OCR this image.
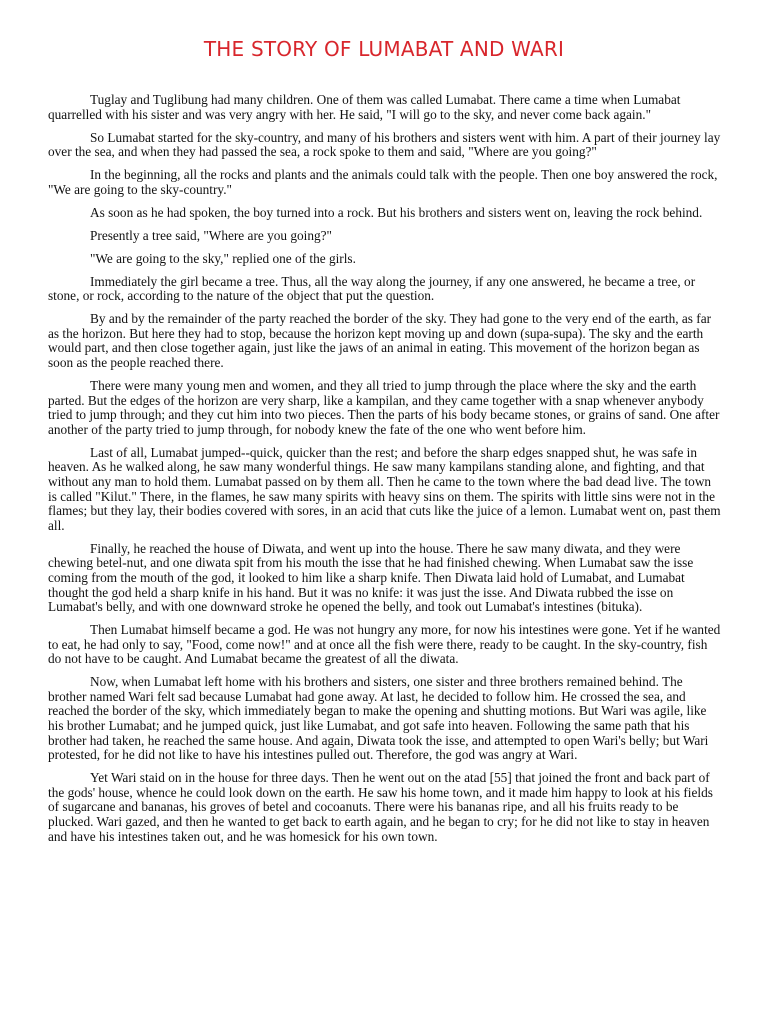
THE STORY OF LUMABAT AND WARI

Tuglay and Tuglibung had many children. One of them was called Lumabat. There came a time when Lumabat quarrelled with his sister and was very angry with her. He said, "I will go to the sky, and never come back again."

So Lumabat started for the sky-country, and many of his brothers and sisters went with him. A part of their journey lay over the sea, and when they had passed the sea, a rock spoke to them and said, "Where are you going?"

In the beginning, all the rocks and plants and the animals could talk with the people. Then one boy answered the rock, "We are going to the sky-country."

As soon as he had spoken, the boy turned into a rock. But his brothers and sisters went on, leaving the rock behind.

Presently a tree said, "Where are you going?"

"We are going to the sky," replied one of the girls.

Immediately the girl became a tree. Thus, all the way along the journey, if any one answered, he became a tree, or stone, or rock, according to the nature of the object that put the question.

By and by the remainder of the party reached the border of the sky. They had gone to the very end of the earth, as far as the horizon. But here they had to stop, because the horizon kept moving up and down (supa-supa). The sky and the earth would part, and then close together again, just like the jaws of an animal in eating. This movement of the horizon began as soon as the people reached there.

There were many young men and women, and they all tried to jump through the place where the sky and the earth parted. But the edges of the horizon are very sharp, like a kampilan, and they came together with a snap whenever anybody tried to jump through; and they cut him into two pieces. Then the parts of his body became stones, or grains of sand. One after another of the party tried to jump through, for nobody knew the fate of the one who went before him.

Last of all, Lumabat jumped--quick, quicker than the rest; and before the sharp edges snapped shut, he was safe in heaven. As he walked along, he saw many wonderful things. He saw many kampilans standing alone, and fighting, and that without any man to hold them. Lumabat passed on by them all. Then he came to the town where the bad dead live. The town is called "Kilut." There, in the flames, he saw many spirits with heavy sins on them. The spirits with little sins were not in the flames; but they lay, their bodies covered with sores, in an acid that cuts like the juice of a lemon. Lumabat went on, past them all.

Finally, he reached the house of Diwata, and went up into the house. There he saw many diwata, and they were chewing betel-nut, and one diwata spit from his mouth the isse that he had finished chewing. When Lumabat saw the isse coming from the mouth of the god, it looked to him like a sharp knife. Then Diwata laid hold of Lumabat, and Lumabat thought the god held a sharp knife in his hand. But it was no knife: it was just the isse. And Diwata rubbed the isse on Lumabat's belly, and with one downward stroke he opened the belly, and took out Lumabat's intestines (bituka).

Then Lumabat himself became a god. He was not hungry any more, for now his intestines were gone. Yet if he wanted to eat, he had only to say, "Food, come now!" and at once all the fish were there, ready to be caught. In the sky-country, fish do not have to be caught. And Lumabat became the greatest of all the diwata.

Now, when Lumabat left home with his brothers and sisters, one sister and three brothers remained behind. The brother named Wari felt sad because Lumabat had gone away. At last, he decided to follow him. He crossed the sea, and reached the border of the sky, which immediately began to make the opening and shutting motions. But Wari was agile, like his brother Lumabat; and he jumped quick, just like Lumabat, and got safe into heaven. Following the same path that his brother had taken, he reached the same house. And again, Diwata took the isse, and attempted to open Wari's belly; but Wari protested, for he did not like to have his intestines pulled out. Therefore, the god was angry at Wari.

Yet Wari staid on in the house for three days. Then he went out on the atad [55] that joined the front and back part of the gods' house, whence he could look down on the earth. He saw his home town, and it made him happy to look at his fields of sugarcane and bananas, his groves of betel and cocoanuts. There were his bananas ripe, and all his fruits ready to be plucked. Wari gazed, and then he wanted to get back to earth again, and he began to cry; for he did not like to stay in heaven and have his intestines taken out, and he was homesick for his own town.
